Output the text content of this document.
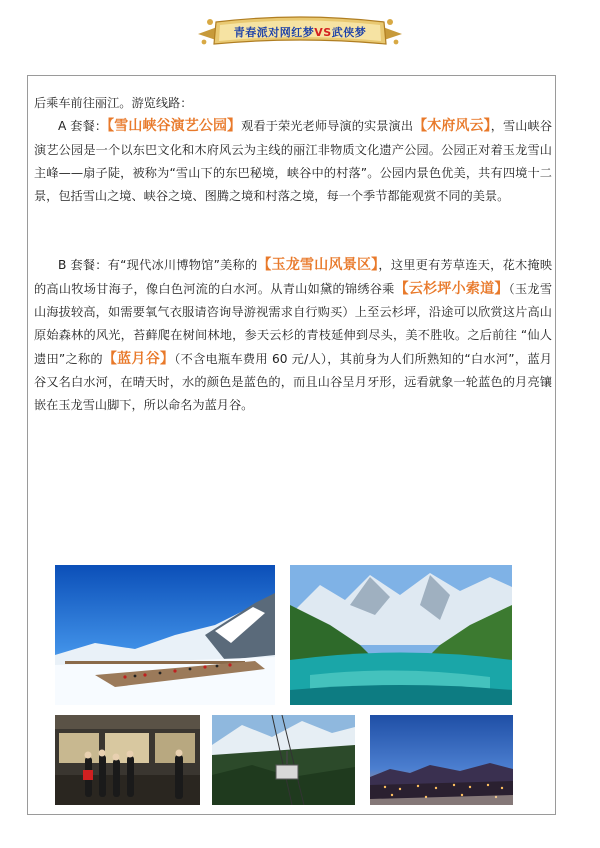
青春派对网红梦 VS 武侠梦

后乘车前往丽江。游览线路：

A 套餐：【雪山峡谷演艺公园】观看于荣光老师导演的实景演出【木府风云】，雪山峡谷演艺公园是一个以东巴文化和木府风云为主线的丽江非物质文化遗产公园。公园正对着玉龙雪山主峰——扇子陡，被称为“雪山下的东巴秘境，峡谷中的村落”。公园内景色优美，共有四境十二景，包括雪山之境、峡谷之境、图腾之境和村落之境，每一个季节都能观赏不同的美景。

B 套餐：有“现代冰川博物馆”美称的【玉龙雪山风景区】，这里更有芳草连天，花木掩映的高山牧场甘海子，像白色河流的白水河。从青山如黛的锦绣谷乘【云杉坪小索道】（玉龙雪山海拔较高，如需要氧气衣服请咨询导游视需求自行购买）上至云杉坪，沿途可以欣赏这片高山原始森林的风光，苔藓爬在树间林地，参天云杉的青枝延伸到尽头，美不胜收。之后前往 “仙人遗田”之称的【蓝月谷】（不含电瓶车费用 60 元/人），其前身为人们所熟知的“白水河”，蓝月谷又名白水河，在晴天时，水的颜色是蓝色的，而且山谷呈月牙形，远看就象一轮蓝色的月亮镶嵌在玉龙雪山脚下，所以命名为蓝月谷。
